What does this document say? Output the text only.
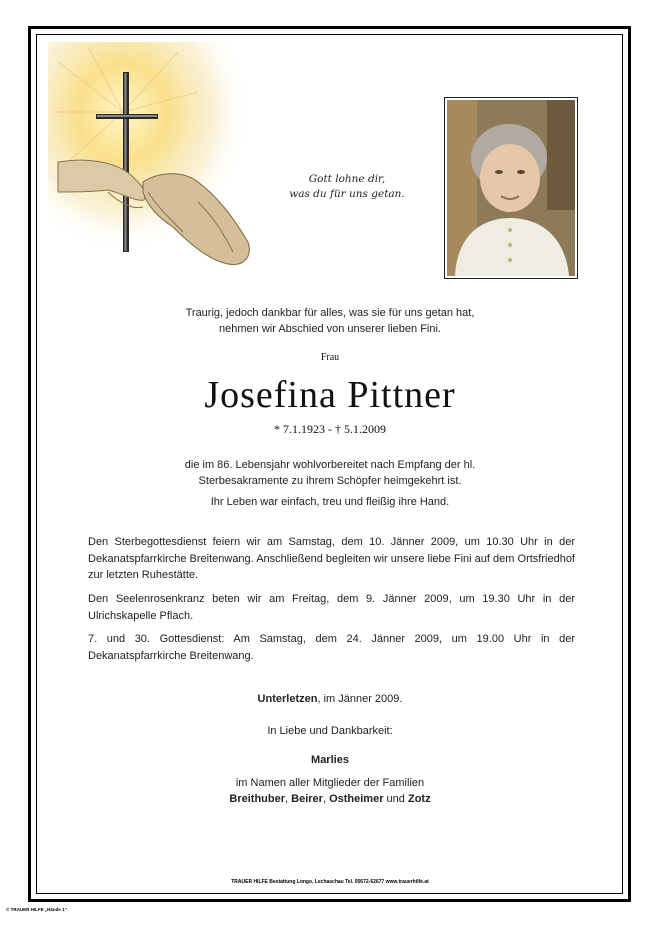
Gott lohne dir,
was du für uns getan.
Traurig, jedoch dankbar für alles, was sie für uns getan hat,
nehmen wir Abschied von unserer lieben Fini.
Frau
Josefina Pittner
* 7.1.1923 - † 5.1.2009
die im 86. Lebensjahr wohlvorbereitet nach Empfang der hl.
Sterbesakramente zu ihrem Schöpfer heimgekehrt ist.
Ihr Leben war einfach, treu und fleißig ihre Hand.
Den Sterbegottesdienst feiern wir am Samstag, dem 10. Jänner 2009, um 10.30 Uhr in der Dekanatspfarrkirche Breitenwang. Anschließend begleiten wir unsere liebe Fini auf dem Ortsfriedhof zur letzten Ruhestätte.
Den Seelenrosenkranz beten wir am Freitag, dem 9. Jänner 2009, um 19.30 Uhr in der Ulrichskapelle Pflach.
7. und 30. Gottesdienst: Am Samstag, dem 24. Jänner 2009, um 19.00 Uhr in der Dekanatspfarrkirche Breitenwang.
Unterletzen, im Jänner 2009.
In Liebe und Dankbarkeit:
Marlies
im Namen aller Mitglieder der Familien
Breithuber, Beirer, Ostheimer und Zotz
TRAUER HILFE Bestattung Longo, Lechaschau Tel. 05672-62677 www.trauerhilfe.at
© TRAUER HILFE „Hände 1“
